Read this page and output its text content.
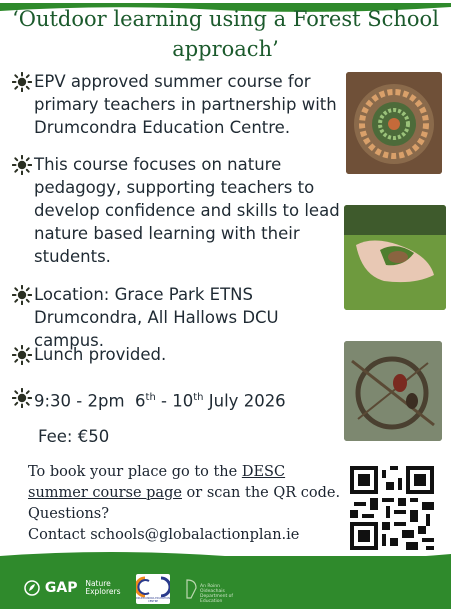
‘Outdoor learning using a Forest School approach’
EPV approved summer course for primary teachers in partnership with Drumcondra Education Centre.
This course focuses on nature pedagogy, supporting teachers to develop confidence and skills to lead nature based learning with their students.
Location: Grace Park ETNS Drumcondra, All Hallows DCU campus.
Lunch provided.
9:30 - 2pm 6th - 10th July 2026
Fee: €50
To book your place go to the DESC summer course page or scan the QR code.
Questions?
Contact schools@globalactionplan.ie
GAP Nature Explorers
DRUMCONDRA EDUCATION CENTRE
An Roinn Oideachais Department of Education
